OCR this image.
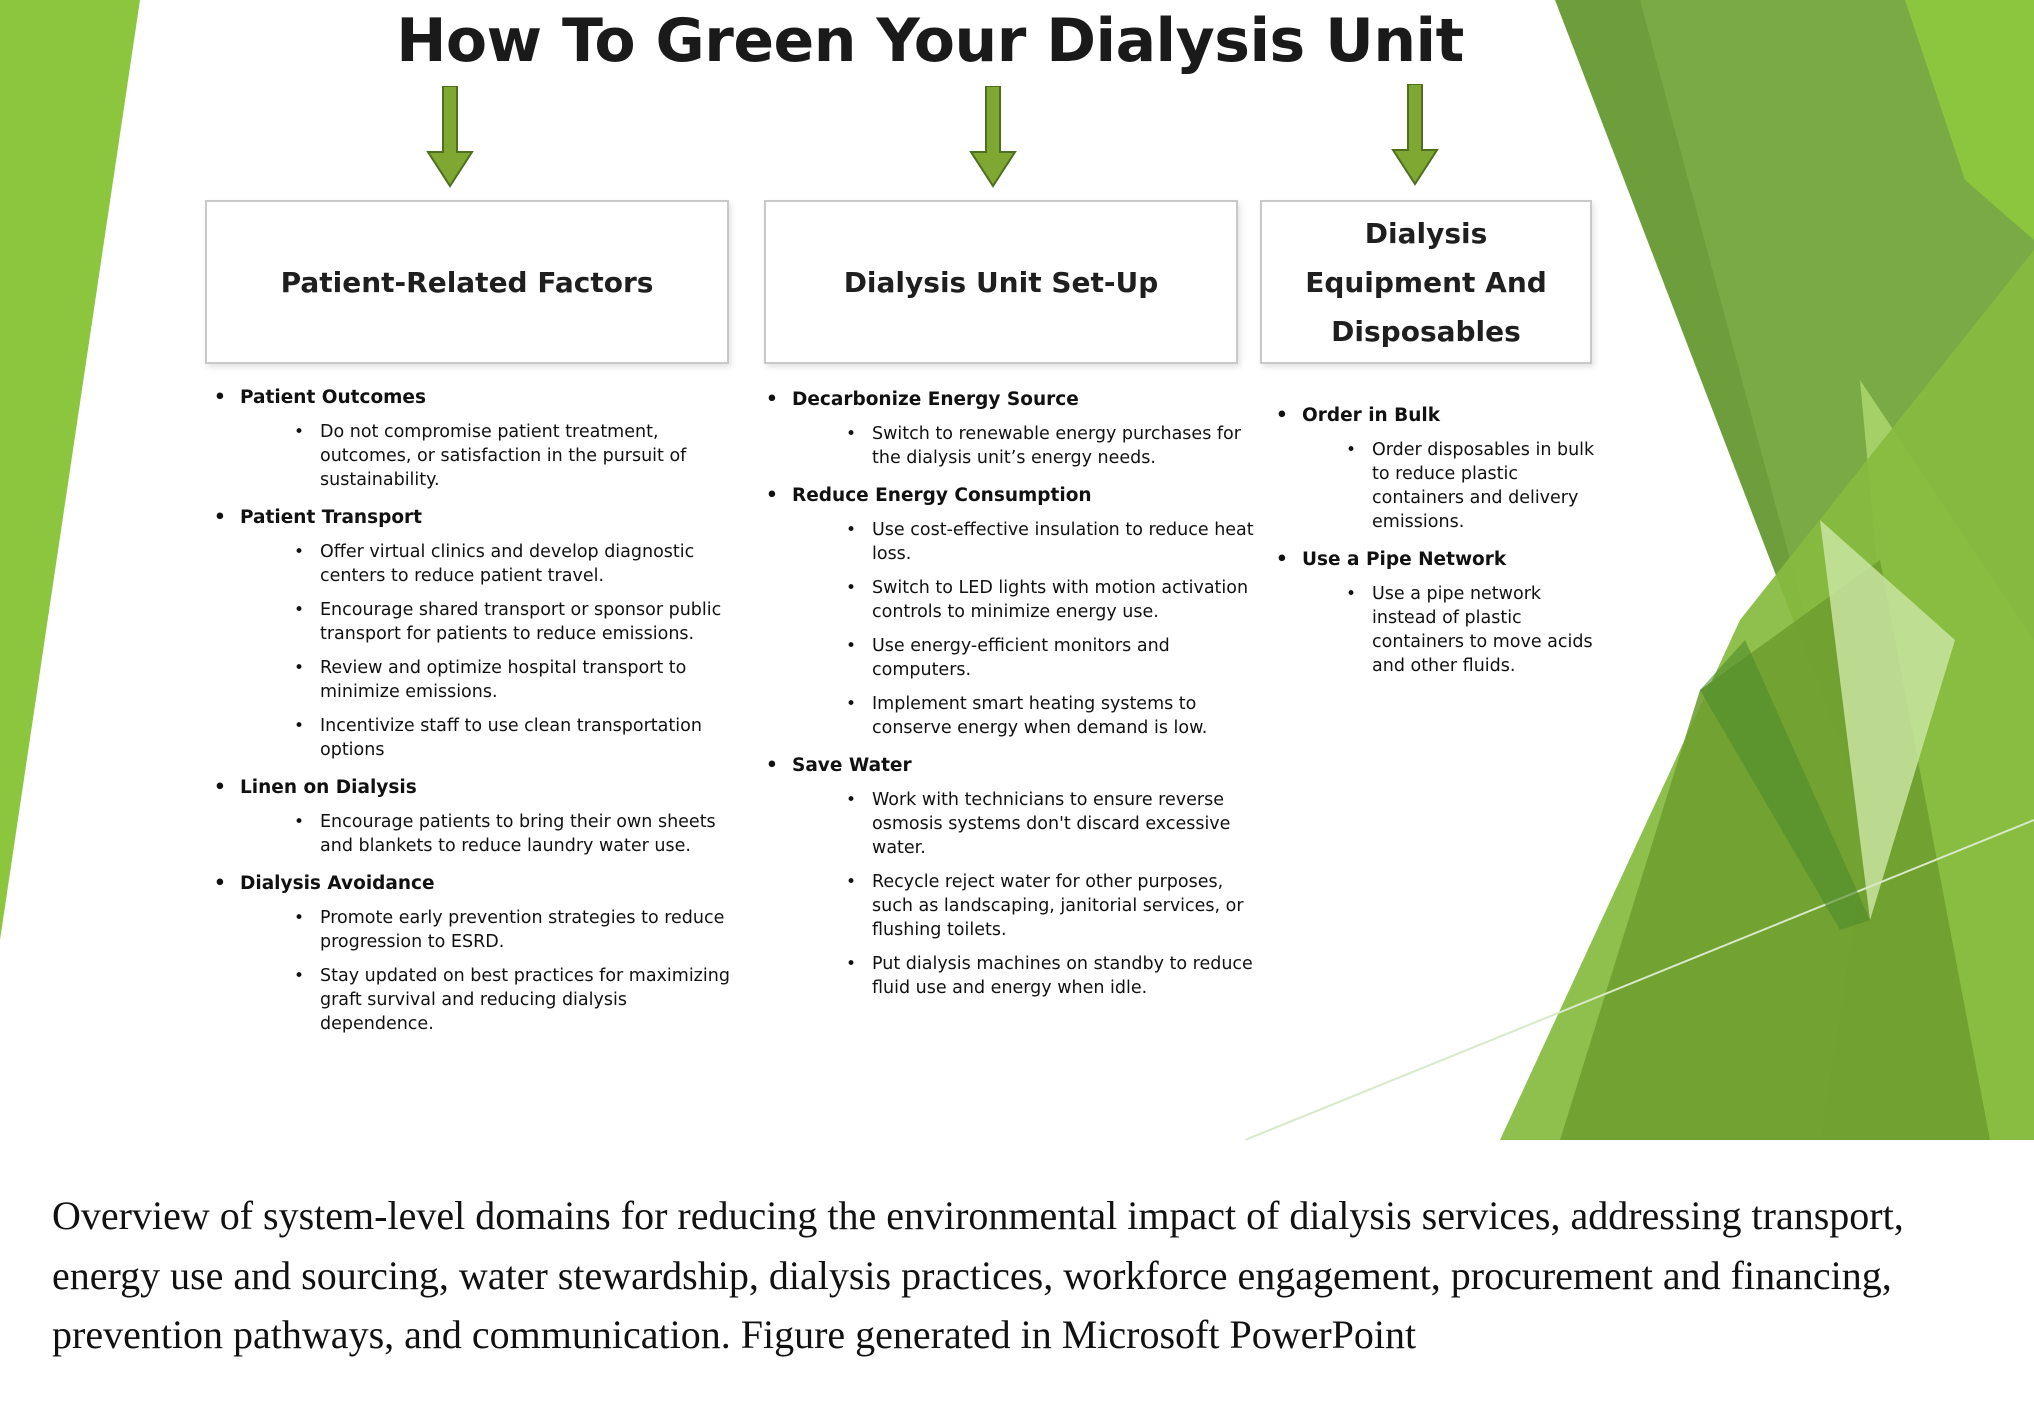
How To Green Your Dialysis Unit
Patient-Related Factors	Dialysis Unit Set-Up
Dialysis Equipment And Disposables
• Patient Outcomes
• Do not compromise patient treatment, outcomes, or satisfaction in the pursuit of sustainability.
• Patient Transport
• Offer virtual clinics and develop diagnostic centers to reduce patient travel.
• Encourage shared transport or sponsor public transport for patients to reduce emissions.
• Review and optimize hospital transport to minimize emissions.
• Incentivize staff to use clean transportation options
• Linen on Dialysis
• Encourage patients to bring their own sheets and blankets to reduce laundry water use.
• Dialysis Avoidance
• Promote early prevention strategies to reduce progression to ESRD.
• Stay updated on best practices for maximizing graft survival and reducing dialysis dependence.
• Decarbonize Energy Source
• Switch to renewable energy purchases for the dialysis unit’s energy needs.
• Reduce Energy Consumption
• Use cost-effective insulation to reduce heat loss.
• Switch to LED lights with motion activation controls to minimize energy use.
• Use energy-efficient monitors and computers.
• Implement smart heating systems to conserve energy when demand is low.
• Save Water
• Work with technicians to ensure reverse osmosis systems don't discard excessive water.
• Recycle reject water for other purposes, such as landscaping, janitorial services, or flushing toilets.
• Put dialysis machines on standby to reduce fluid use and energy when idle.
• Order in Bulk
• Order disposables in bulk to reduce plastic containers and delivery emissions.
• Use a Pipe Network
• Use a pipe network instead of plastic containers to move acids and other fluids.

Overview of system-level domains for reducing the environmental impact of dialysis services, addressing transport, energy use and sourcing, water stewardship, dialysis practices, workforce engagement, procurement and financing, prevention pathways, and communication. Figure generated in Microsoft PowerPoint
